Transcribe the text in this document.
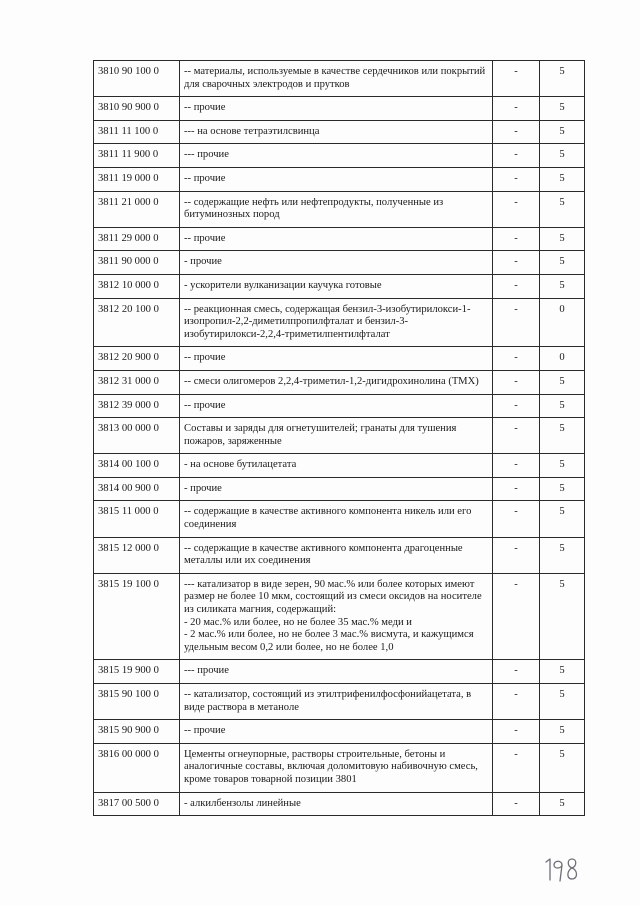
3810 90 100 0	-- материалы, используемые в качестве сердечников или покрытий для сварочных электродов и прутков	-	5
3810 90 900 0	-- прочие	-	5
3811 11 100 0	--- на основе тетраэтилсвинца	-	5
3811 11 900 0	--- прочие	-	5
3811 19 000 0	-- прочие	-	5
3811 21 000 0	-- содержащие нефть или нефтепродукты, полученные из битуминозных пород	-	5
3811 29 000 0	-- прочие	-	5
3811 90 000 0	- прочие	-	5
3812 10 000 0	- ускорители вулканизации каучука готовые	-	5
3812 20 100 0	-- реакционная смесь, содержащая бензил-3-изобутирилокси-1-изопропил-2,2-диметилпропилфталат и бензил-3-изобутирилокси-2,2,4-триметилпентилфталат	-	0
3812 20 900 0	-- прочие	-	0
3812 31 000 0	-- смеси олигомеров 2,2,4-триметил-1,2-дигидрохинолина (ТМХ)	-	5
3812 39 000 0	-- прочие	-	5
3813 00 000 0	Составы и заряды для огнетушителей; гранаты для тушения пожаров, заряженные	-	5
3814 00 100 0	- на основе бутилацетата	-	5
3814 00 900 0	- прочие	-	5
3815 11 000 0	-- содержащие в качестве активного компонента никель или его соединения	-	5
3815 12 000 0	-- содержащие в качестве активного компонента драгоценные металлы или их соединения	-	5
3815 19 100 0	--- катализатор в виде зерен, 90 мас.% или более которых имеют размер не более 10 мкм, состоящий из смеси оксидов на носителе из силиката магния, содержащий:
- 20 мас.% или более, но не более 35 мас.% меди и
- 2 мас.% или более, но не более 3 мас.% висмута, и кажущимся удельным весом 0,2 или более, но не более 1,0	-	5
3815 19 900 0	--- прочие	-	5
3815 90 100 0	-- катализатор, состоящий из этилтрифенилфосфонийацетата, в виде раствора в метаноле	-	5
3815 90 900 0	-- прочие	-	5
3816 00 000 0	Цементы огнеупорные, растворы строительные, бетоны и аналогичные составы, включая доломитовую набивочную смесь, кроме товаров товарной позиции 3801	-	5
3817 00 500 0	- алкилбензолы линейные	-	5
